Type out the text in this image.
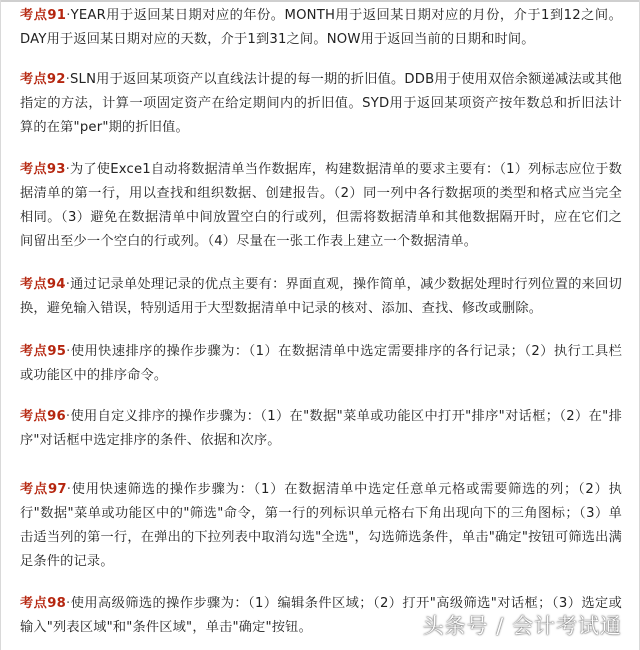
考点91·YEAR用于返回某日期对应的年份。MONTH用于返回某日期对应的月份，介于1到12之间。DAY用于返回某日期对应的天数，介于1到31之间。NOW用于返回当前的日期和时间。
考点92·SLN用于返回某项资产以直线法计提的每一期的折旧值。DDB用于使用双倍余额递减法或其他指定的方法，计算一项固定资产在给定期间内的折旧值。SYD用于返回某项资产按年数总和折旧法计算的在第"per"期的折旧值。
考点93·为了使Exce1自动将数据清单当作数据库，构建数据清单的要求主要有：（1）列标志应位于数据清单的第一行，用以查找和组织数据、创建报告。（2）同一列中各行数据项的类型和格式应当完全相同。（3）避免在数据清单中间放置空白的行或列，但需将数据清单和其他数据隔开时，应在它们之间留出至少一个空白的行或列。（4）尽量在一张工作表上建立一个数据清单。
考点94·通过记录单处理记录的优点主要有：界面直观，操作简单，减少数据处理时行列位置的来回切换，避免输入错误，特别适用于大型数据清单中记录的核对、添加、查找、修改或删除。
考点95·使用快速排序的操作步骤为：（1）在数据清单中选定需要排序的各行记录；（2）执行工具栏或功能区中的排序命令。
考点96·使用自定义排序的操作步骤为：（1）在"数据"菜单或功能区中打开"排序"对话框；（2）在"排序"对话框中选定排序的条件、依据和次序。
考点97·使用快速筛选的操作步骤为：（1）在数据清单中选定任意单元格或需要筛选的列；（2）执行"数据"菜单或功能区中的"筛选"命令，第一行的列标识单元格右下角出现向下的三角图标；（3）单击适当列的第一行，在弹出的下拉列表中取消勾选"全选"，勾选筛选条件，单击"确定"按钮可筛选出满足条件的记录。
考点98·使用高级筛选的操作步骤为：（1）编辑条件区域；（2）打开"高级筛选"对话框；（3）选定或输入"列表区域"和"条件区域"，单击"确定"按钮。	头条号 / 会计考试通
